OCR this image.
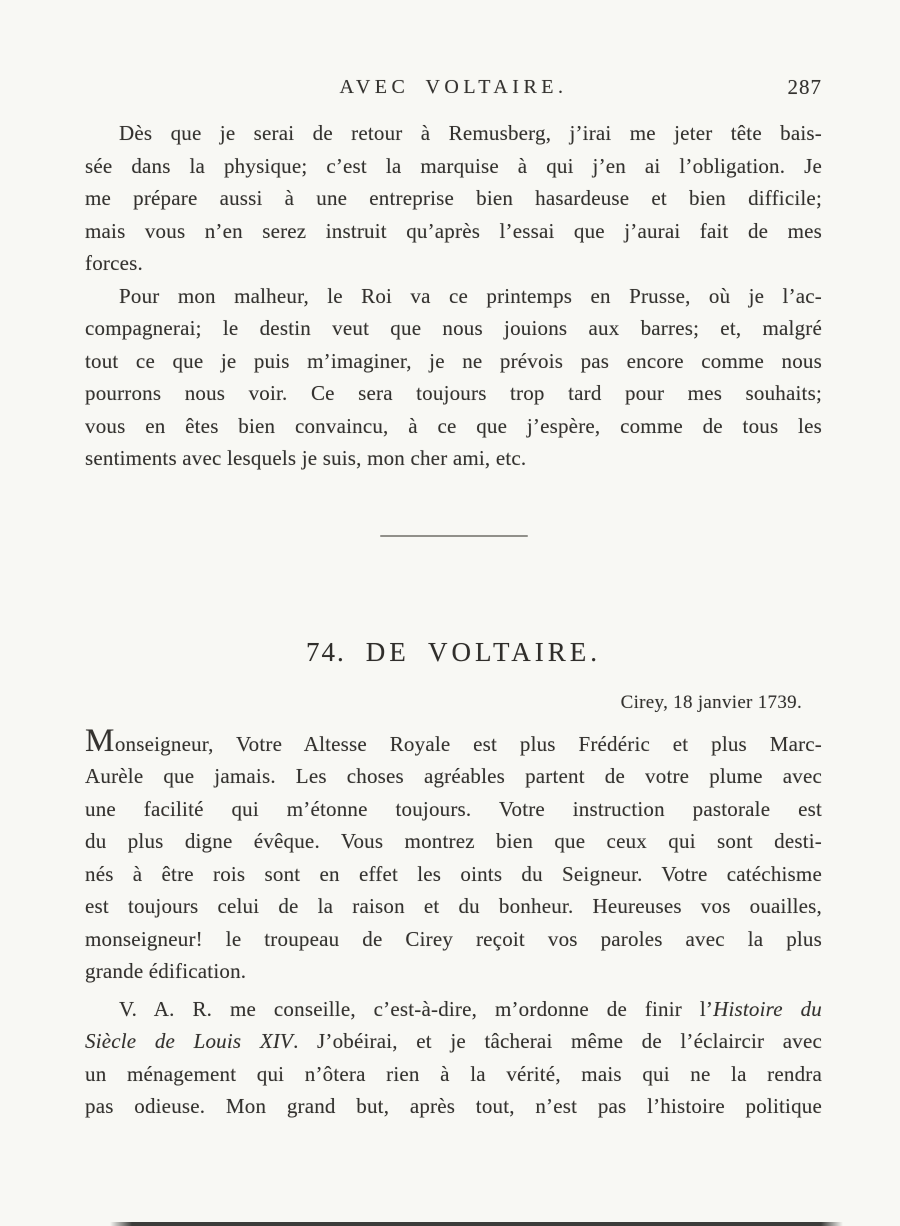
AVEC VOLTAIRE.	287
Dès que je serai de retour à Remusberg, j’irai me jeter tête bais-
sée dans la physique; c’est la marquise à qui j’en ai l’obligation. Je
me prépare aussi à une entreprise bien hasardeuse et bien difficile;
mais vous n’en serez instruit qu’après l’essai que j’aurai fait de mes
forces.
Pour mon malheur, le Roi va ce printemps en Prusse, où je l’ac-
compagnerai; le destin veut que nous jouions aux barres; et, malgré
tout ce que je puis m’imaginer, je ne prévois pas encore comme nous
pourrons nous voir. Ce sera toujours trop tard pour mes souhaits;
vous en êtes bien convaincu, à ce que j’espère, comme de tous les
sentiments avec lesquels je suis, mon cher ami, etc.
74. DE VOLTAIRE.
Cirey, 18 janvier 1739.
Monseigneur, Votre Altesse Royale est plus Frédéric et plus Marc-
Aurèle que jamais. Les choses agréables partent de votre plume avec
une facilité qui m’étonne toujours. Votre instruction pastorale est
du plus digne évêque. Vous montrez bien que ceux qui sont desti-
nés à être rois sont en effet les oints du Seigneur. Votre catéchisme
est toujours celui de la raison et du bonheur. Heureuses vos ouailles,
monseigneur! le troupeau de Cirey reçoit vos paroles avec la plus
grande édification.
V. A. R. me conseille, c’est-à-dire, m’ordonne de finir l’Histoire du
Siècle de Louis XIV. J’obéirai, et je tâcherai même de l’éclaircir avec
un ménagement qui n’ôtera rien à la vérité, mais qui ne la rendra
pas odieuse. Mon grand but, après tout, n’est pas l’histoire politique
